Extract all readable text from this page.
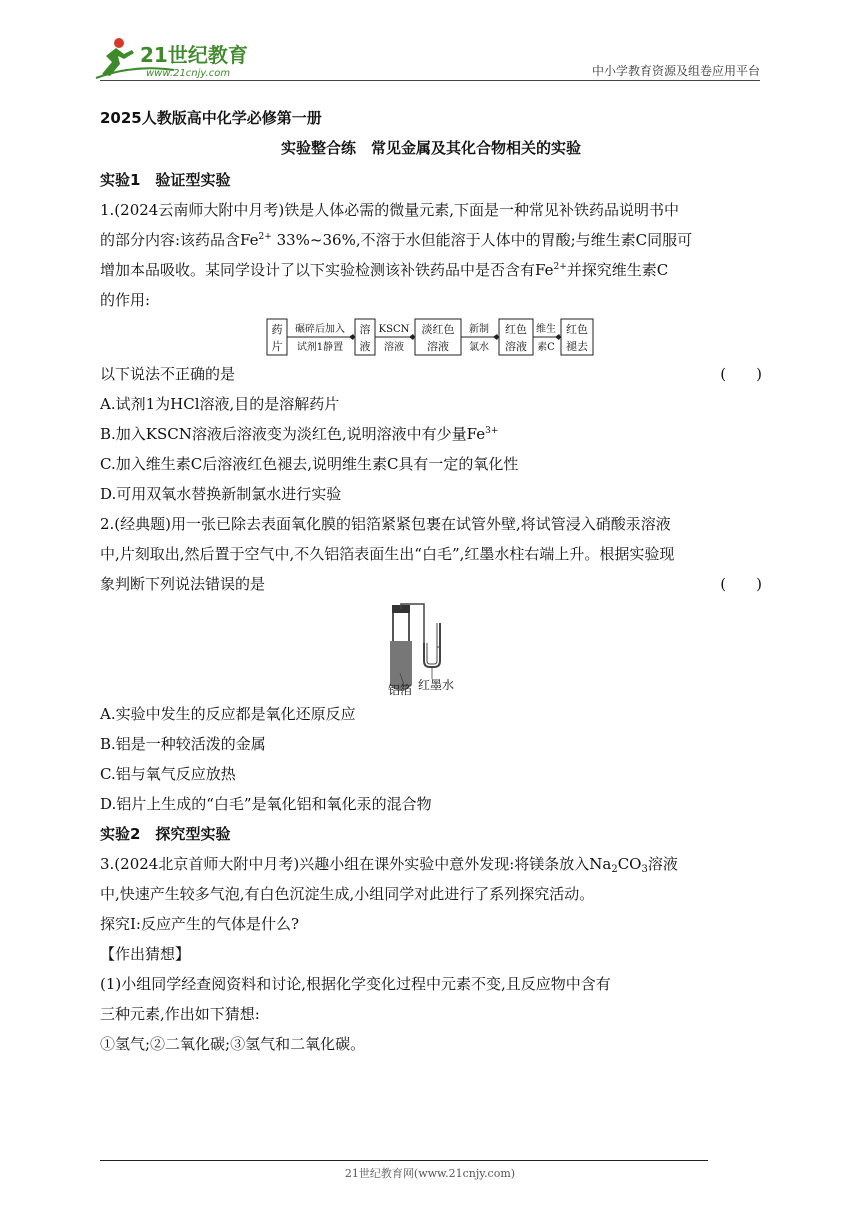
21世纪教育
www.21cnjy.com	中小学教育资源及组卷应用平台

2025人教版高中化学必修第一册

实验整合练　常见金属及其化合物相关的实验

实验1　验证型实验

1.(2024云南师大附中月考)铁是人体必需的微量元素,下面是一种常见补铁药品说明书中

的部分内容:该药品含$Fe^{2+}$ 33%~36%,不溶于水但能溶于人体中的胃酸;与维生素C同服可

增加本品吸收。某同学设计了以下实验检测该补铁药品中是否含有$Fe^{2+}$并探究维生素C

的作用:

药
片
碾碎后加入
试剂1静置
溶
液
KSCN
溶液
淡红色
溶液
新制
氯水
红色
溶液
维生
素C
红色
褪去

以下说法不正确的是	(　　)

A.试剂1为HCl溶液,目的是溶解药片

B.加入KSCN溶液后溶液变为淡红色,说明溶液中有少量$Fe^{3+}$

C.加入维生素C后溶液红色褪去,说明维生素C具有一定的氧化性

D.可用双氧水替换新制氯水进行实验

2.(经典题)用一张已除去表面氧化膜的铝箔紧紧包裹在试管外壁,将试管浸入硝酸汞溶液

中,片刻取出,然后置于空气中,不久铝箔表面生出“白毛”,红墨水柱右端上升。根据实验现

象判断下列说法错误的是	(　　)

铝箔 红墨水

A.实验中发生的反应都是氧化还原反应

B.铝是一种较活泼的金属

C.铝与氧气反应放热

D.铝片上生成的“白毛”是氧化铝和氧化汞的混合物

实验2　探究型实验

3.(2024北京首师大附中月考)兴趣小组在课外实验中意外发现:将镁条放入$Na_2CO_3$溶液

中,快速产生较多气泡,有白色沉淀生成,小组同学对此进行了系列探究活动。

探究Ⅰ:反应产生的气体是什么?

【作出猜想】

(1)小组同学经查阅资料和讨论,根据化学变化过程中元素不变,且反应物中含有

三种元素,作出如下猜想:

①氢气;②二氧化碳;③氢气和二氧化碳。

21世纪教育网(www.21cnjy.com)
